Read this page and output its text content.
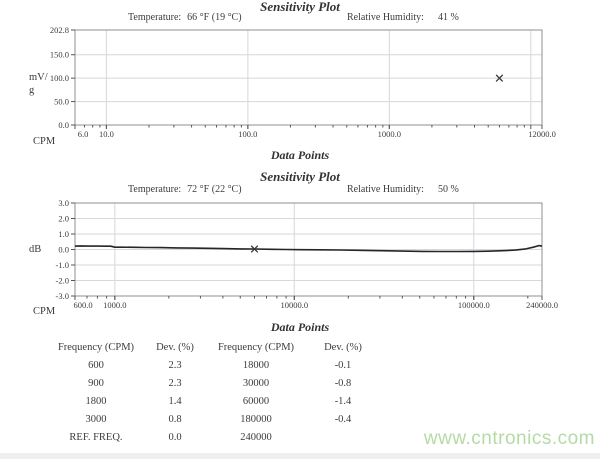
202.8
150.0
100.0
50.0
0.0
6.0 10.0	100.0	1000.0	12000.0
3.0
2.0
1.0
0.0
-1.0
-2.0
-3.0
600.0 1000.0	10000.0	100000.0	240000.0
Sensitivity Plot
Temperature: 66 °F (19 °C)	Relative Humidity: 41 %
mV/
g
CPM
Data Points
Sensitivity Plot
Temperature: 72 °F (22 °C)	Relative Humidity: 50 %
dB
CPM
Data Points
Frequency (CPM)	Dev. (%)	Frequency (CPM)	Dev. (%)
600	2.3	18000	-0.1
900	2.3	30000	-0.8
1800	1.4	60000	-1.4
3000	0.8	180000	-0.4
REF. FREQ.	0.0	240000	www.cntronics.com
